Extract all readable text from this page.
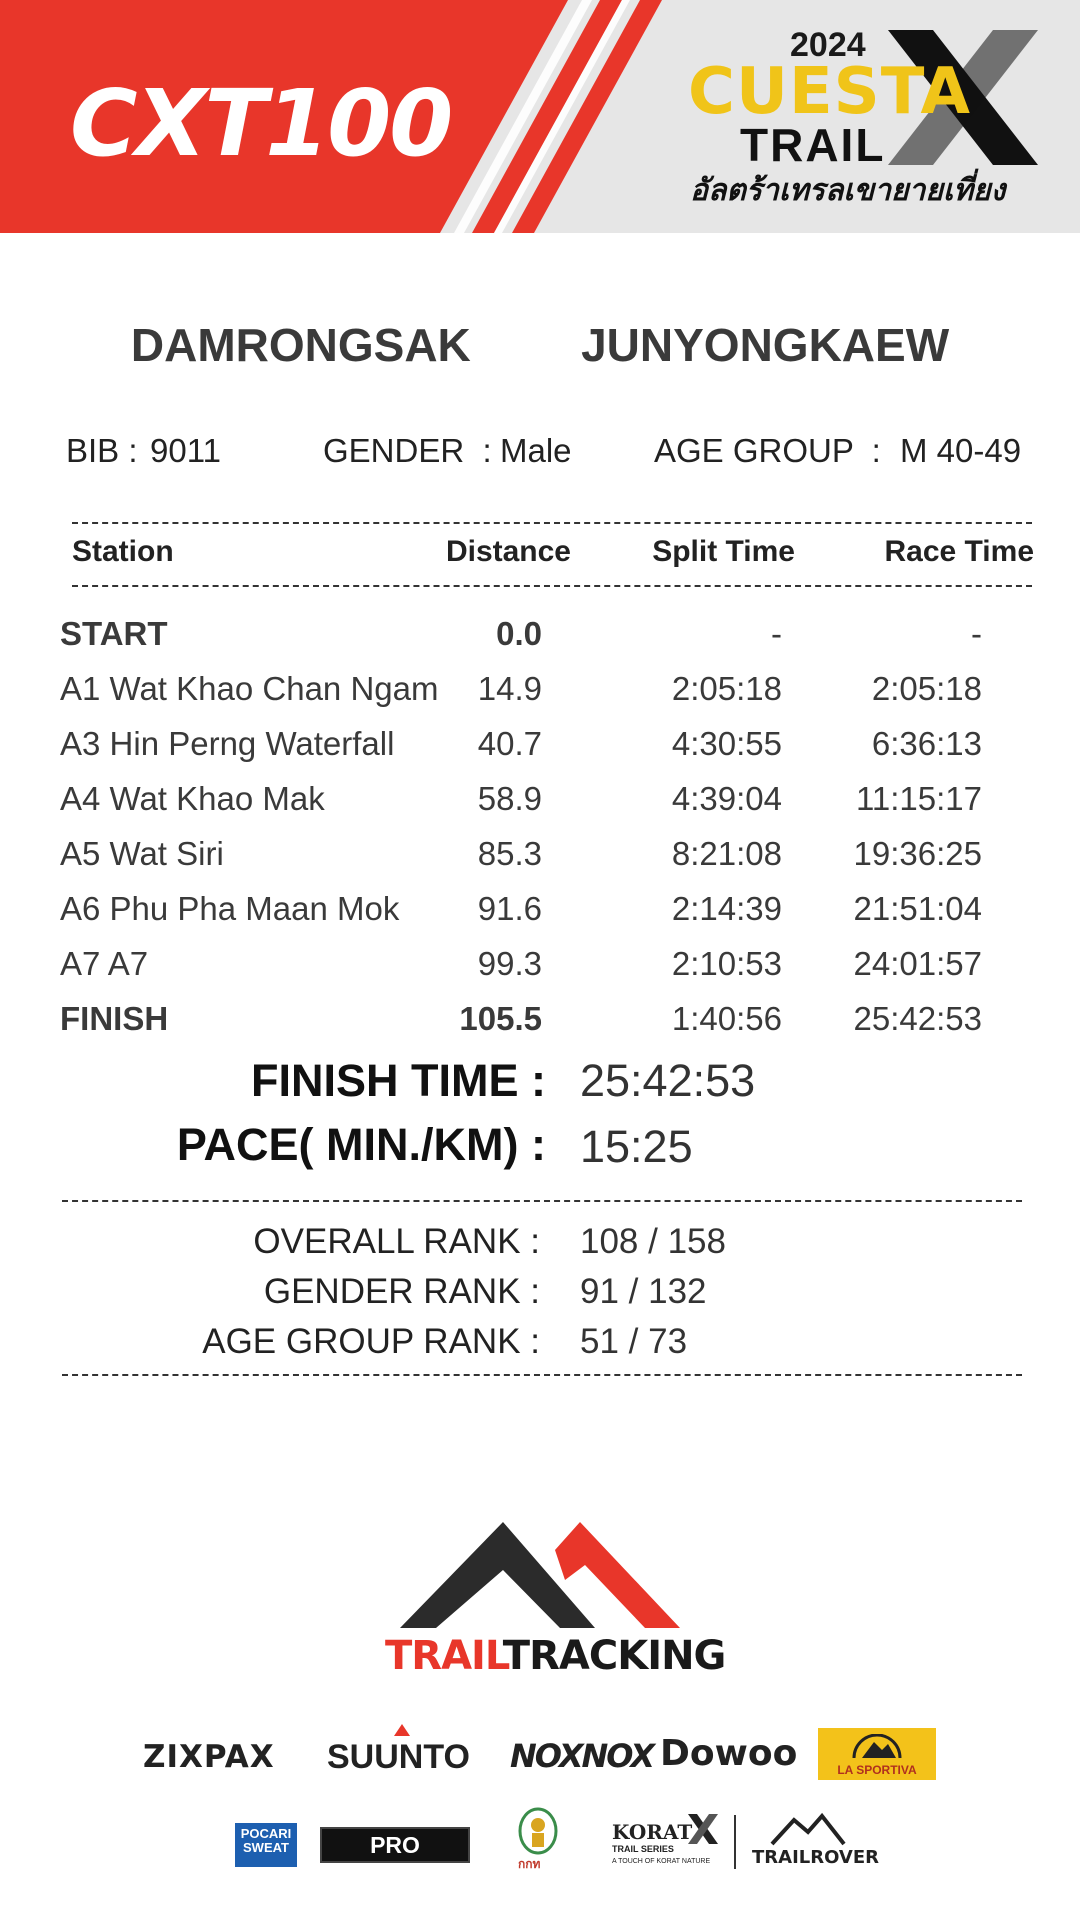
CXT100
2024
CUESTA
TRAIL
อัลตร้าเทรลเขายายเที่ยง
DAMRONGSAK   JUNYONGKAEW
BIB : 9011	GENDER  : Male AGE GROUP  : M 40-49
Station	Distance	Split Time	Race Time
START	0.0	-	-
A1 Wat Khao Chan Ngam	14.9	2:05:18	2:05:18
A3 Hin Perng Waterfall	40.7	4:30:55	6:36:13
A4 Wat Khao Mak	58.9	4:39:04	11:15:17
A5 Wat Siri	85.3	8:21:08	19:36:25
A6 Phu Pha Maan Mok	91.6	2:14:39	21:51:04
A7 A7	99.3	2:10:53	24:01:57
FINISH	105.5	1:40:56	25:42:53
FINISH TIME : 25:42:53
PACE( MIN./KM) : 15:25
OVERALL RANK : 108 / 158
GENDER RANK : 91 / 132
AGE GROUP RANK : 51 / 73
TRAILTRACKING
ZIXPAX SUUNTO NOXNOX Dowoo	LA SPORTIVA
POCARI SWEAT	PRO FREEZE	กกท
KORAT
TRAIL SERIES
A TOUCH OF KORAT NATURE TRAILROVER
